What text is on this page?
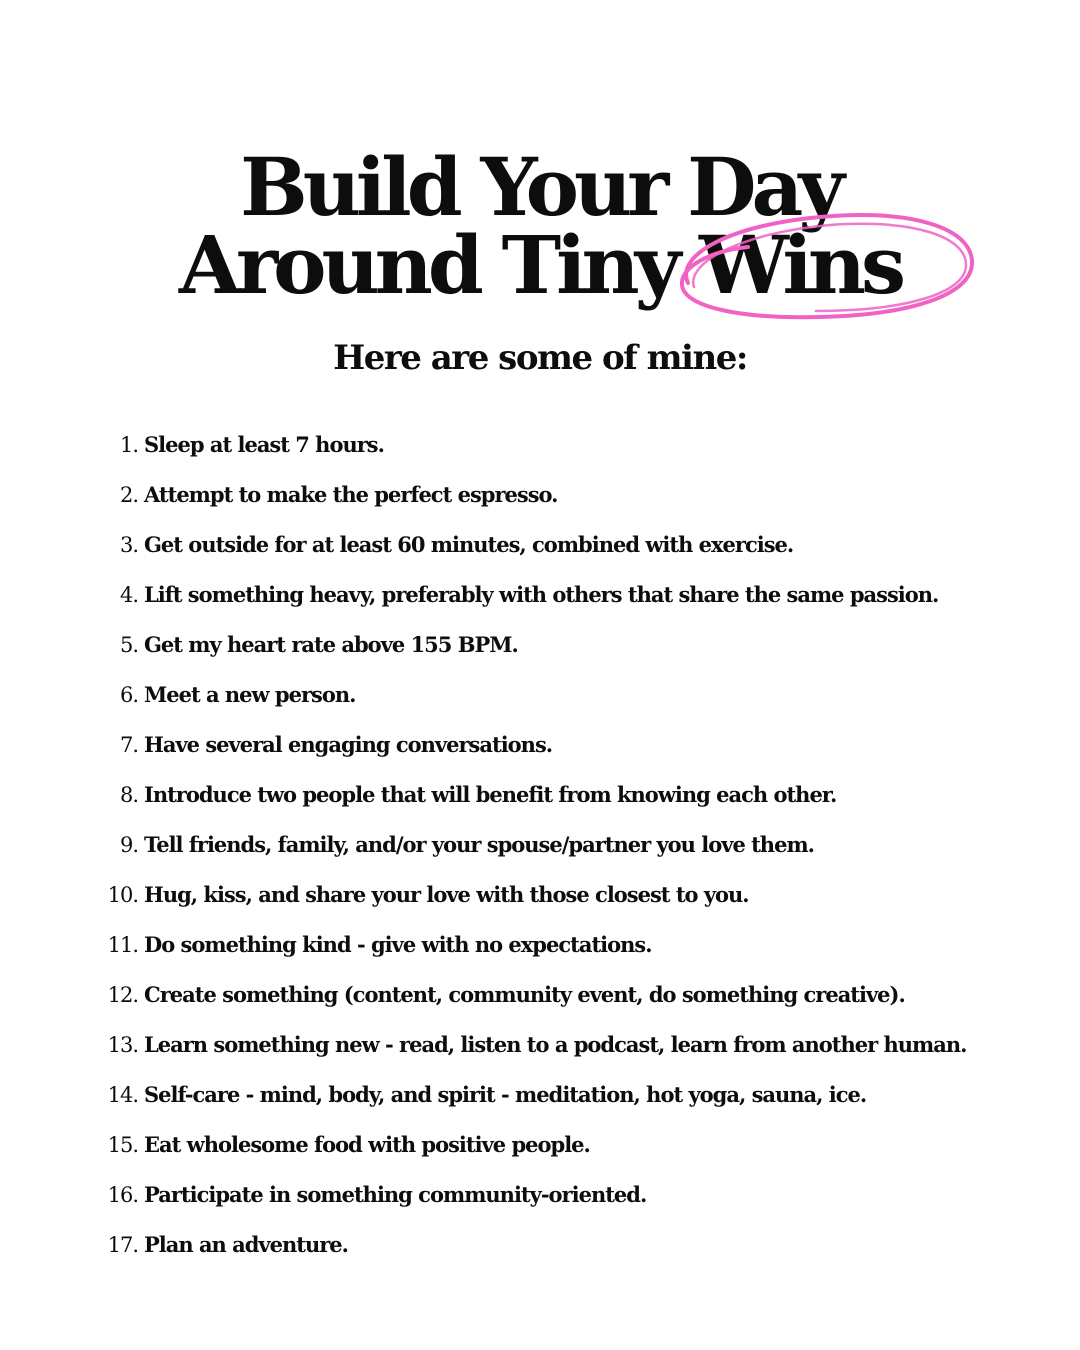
Build Your Day
Around Tiny Wins
Here are some of mine:
1. Sleep at least 7 hours.
2. Attempt to make the perfect espresso.
3. Get outside for at least 60 minutes, combined with exercise.
4. Lift something heavy, preferably with others that share the same passion.
5. Get my heart rate above 155 BPM.
6. Meet a new person.
7. Have several engaging conversations.
8. Introduce two people that will benefit from knowing each other.
9. Tell friends, family, and/or your spouse/partner you love them.
10. Hug, kiss, and share your love with those closest to you.
11. Do something kind - give with no expectations.
12. Create something (content, community event, do something creative).
13. Learn something new - read, listen to a podcast, learn from another human.
14. Self-care - mind, body, and spirit - meditation, hot yoga, sauna, ice.
15. Eat wholesome food with positive people.
16. Participate in something community-oriented.
17. Plan an adventure.
